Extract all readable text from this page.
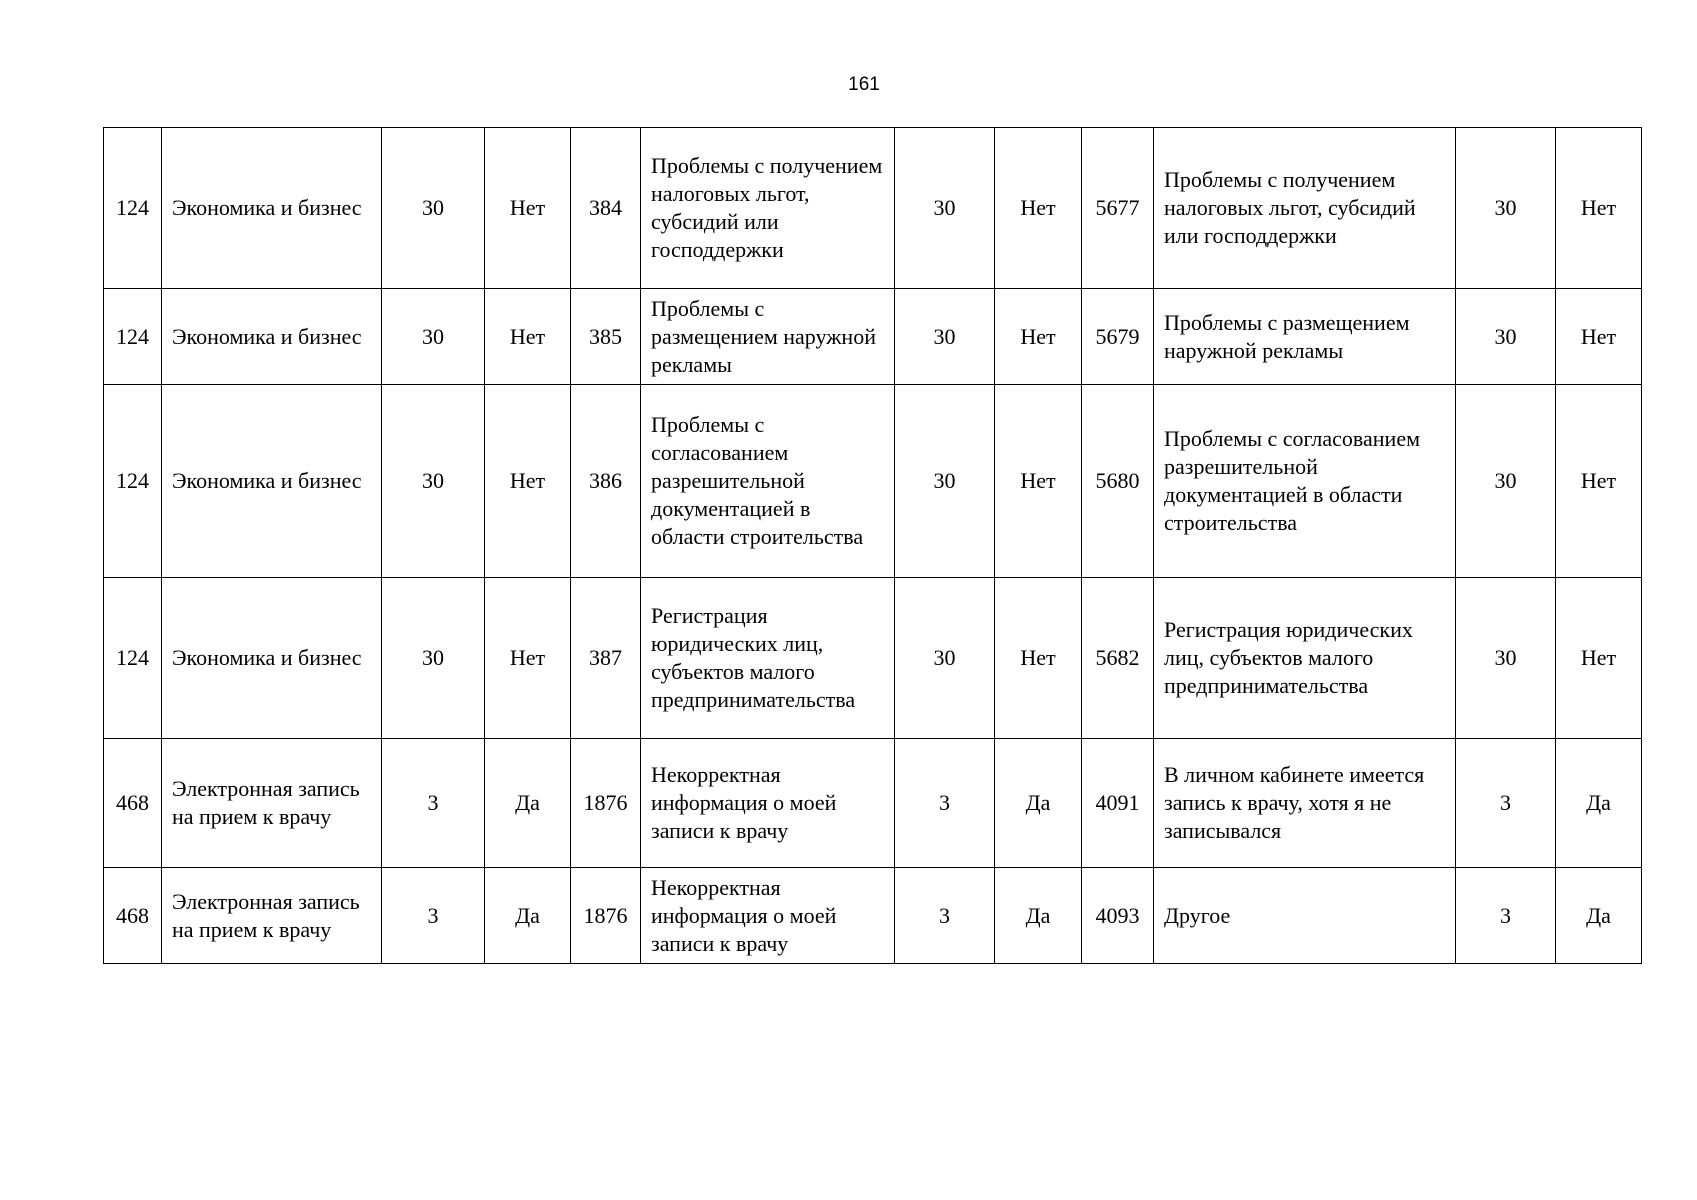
161
124	Экономика и бизнес	30	Нет	384	Проблемы с получением налоговых льгот, субсидий или господдержки	30	Нет	5677	Проблемы с получением налоговых льгот, субсидий или господдержки	30	Нет
124	Экономика и бизнес	30	Нет	385	Проблемы с размещением наружной рекламы	30	Нет	5679	Проблемы с размещением наружной рекламы	30	Нет
124	Экономика и бизнес	30	Нет	386	Проблемы с согласованием разрешительной документацией в области строительства	30	Нет	5680	Проблемы с согласованием разрешительной документацией в области строительства	30	Нет
124	Экономика и бизнес	30	Нет	387	Регистрация юридических лиц, субъектов малого предпринимательства	30	Нет	5682	Регистрация юридических лиц, субъектов малого предпринимательства	30	Нет
468	Электронная запись на прием к врачу	3	Да	1876	Некорректная информация о моей записи к врачу	3	Да	4091	В личном кабинете имеется запись к врачу, хотя я не записывался	3	Да
468	Электронная запись на прием к врачу	3	Да	1876	Некорректная информация о моей записи к врачу	3	Да	4093	Другое	3	Да
